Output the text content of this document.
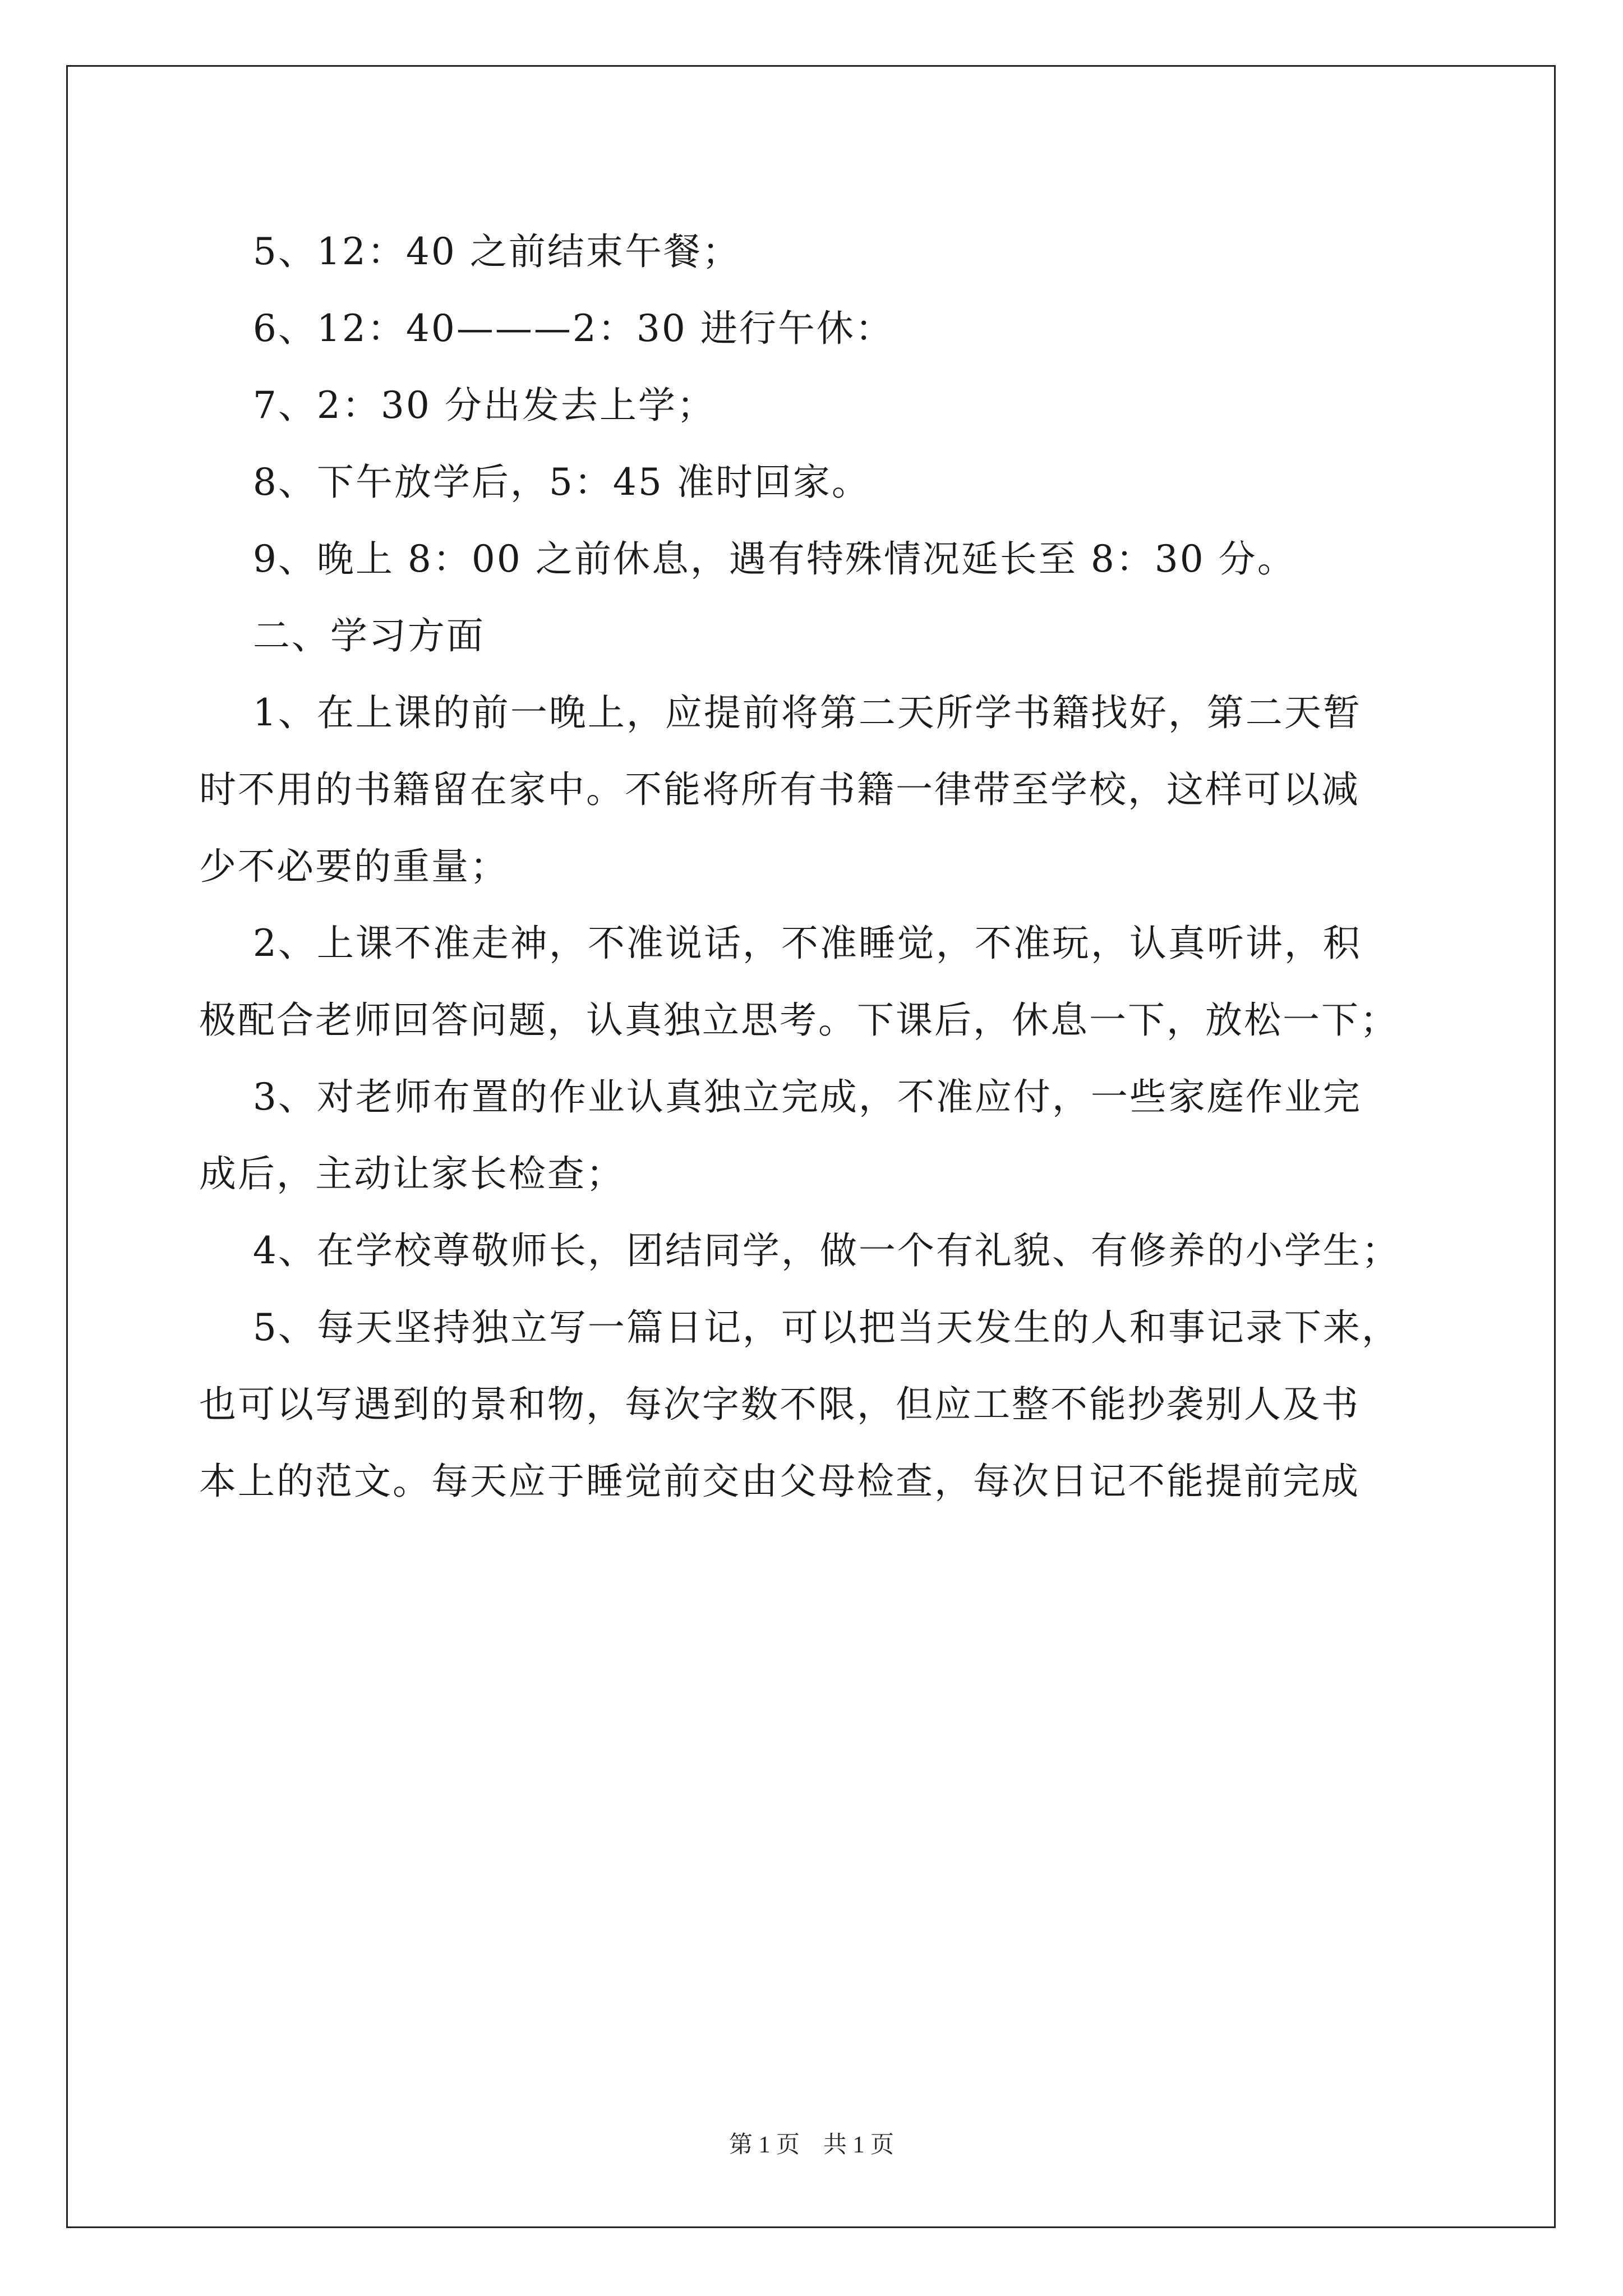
5、12：40 之前结束午餐；

6、12：40———2：30 进行午休：

7、2：30 分出发去上学；

8、下午放学后，5：45 准时回家。

9、晚上 8：00 之前休息，遇有特殊情况延长至 8：30 分。

二、学习方面

1、在上课的前一晚上，应提前将第二天所学书籍找好，第二天暂

时不用的书籍留在家中。不能将所有书籍一律带至学校，这样可以减

少不必要的重量；

2、上课不准走神，不准说话，不准睡觉，不准玩，认真听讲，积

极配合老师回答问题，认真独立思考。下课后，休息一下，放松一下；

3、对老师布置的作业认真独立完成，不准应付，一些家庭作业完

成后，主动让家长检查；

4、在学校尊敬师长，团结同学，做一个有礼貌、有修养的小学生；

5、每天坚持独立写一篇日记，可以把当天发生的人和事记录下来，

也可以写遇到的景和物，每次字数不限，但应工整不能抄袭别人及书

本上的范文。每天应于睡觉前交由父母检查，每次日记不能提前完成

第 1 页　共 1 页
